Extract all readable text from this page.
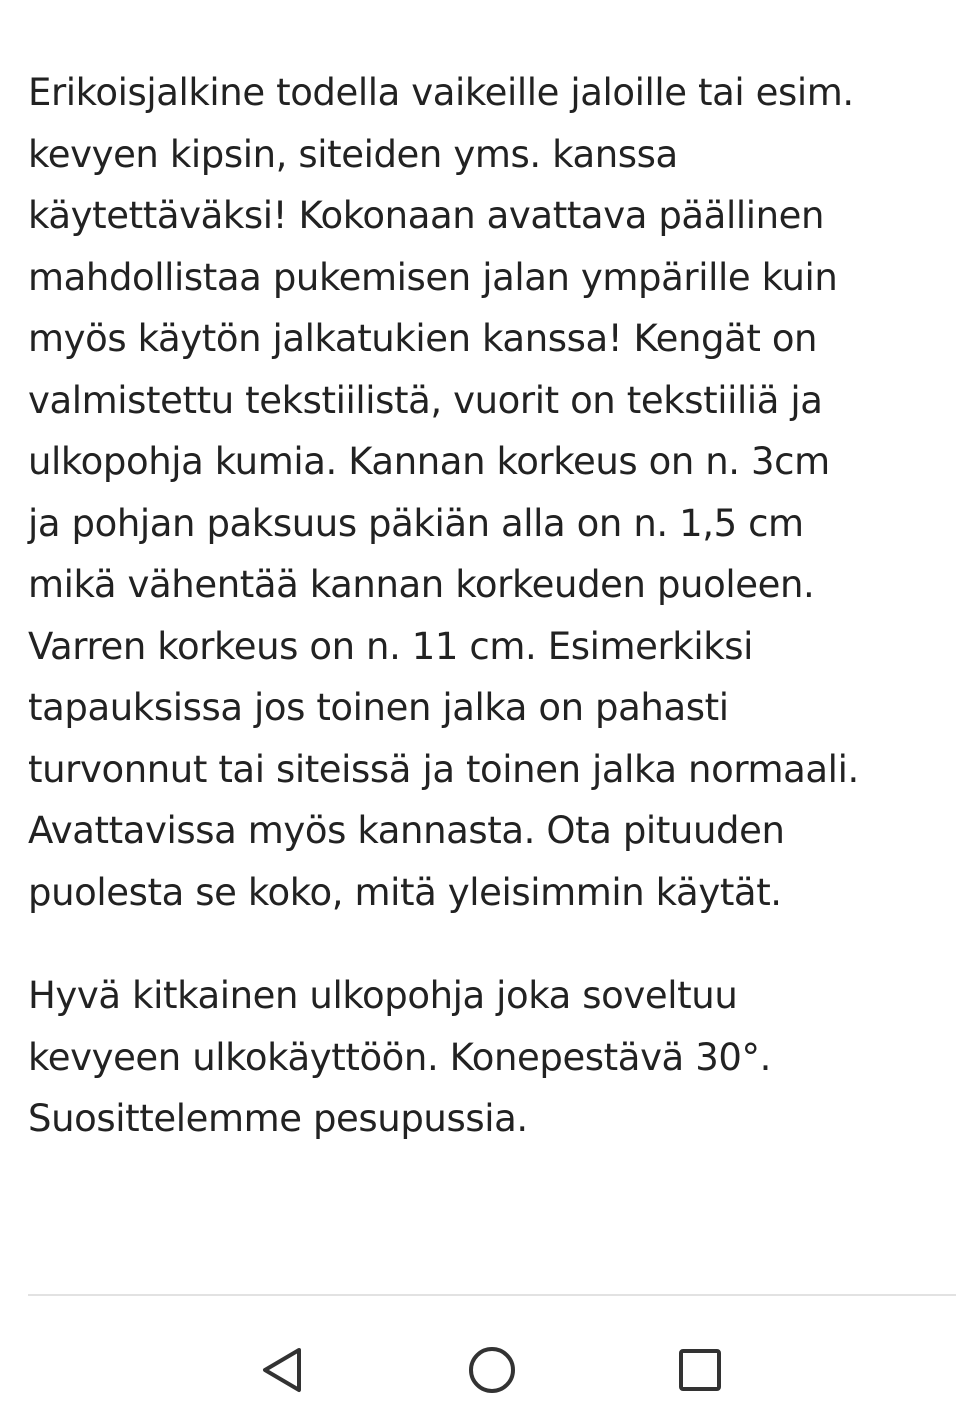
Erikoisjalkine todella vaikeille jaloille tai esim.
kevyen kipsin, siteiden yms. kanssa
käytettäväksi! Kokonaan avattava päällinen
mahdollistaa pukemisen jalan ympärille kuin
myös käytön jalkatukien kanssa! Kengät on
valmistettu tekstiilistä, vuorit on tekstiiliä ja
ulkopohja kumia. Kannan korkeus on n. 3cm
ja pohjan paksuus päkiän alla on n. 1,5 cm
mikä vähentää kannan korkeuden puoleen.
Varren korkeus on n. 11 cm. Esimerkiksi
tapauksissa jos toinen jalka on pahasti
turvonnut tai siteissä ja toinen jalka normaali.
Avattavissa myös kannasta. Ota pituuden
puolesta se koko, mitä yleisimmin käytät.

Hyvä kitkainen ulkopohja joka soveltuu
kevyeen ulkokäyttöön. Konepestävä 30°.
Suosittelemme pesupussia.
